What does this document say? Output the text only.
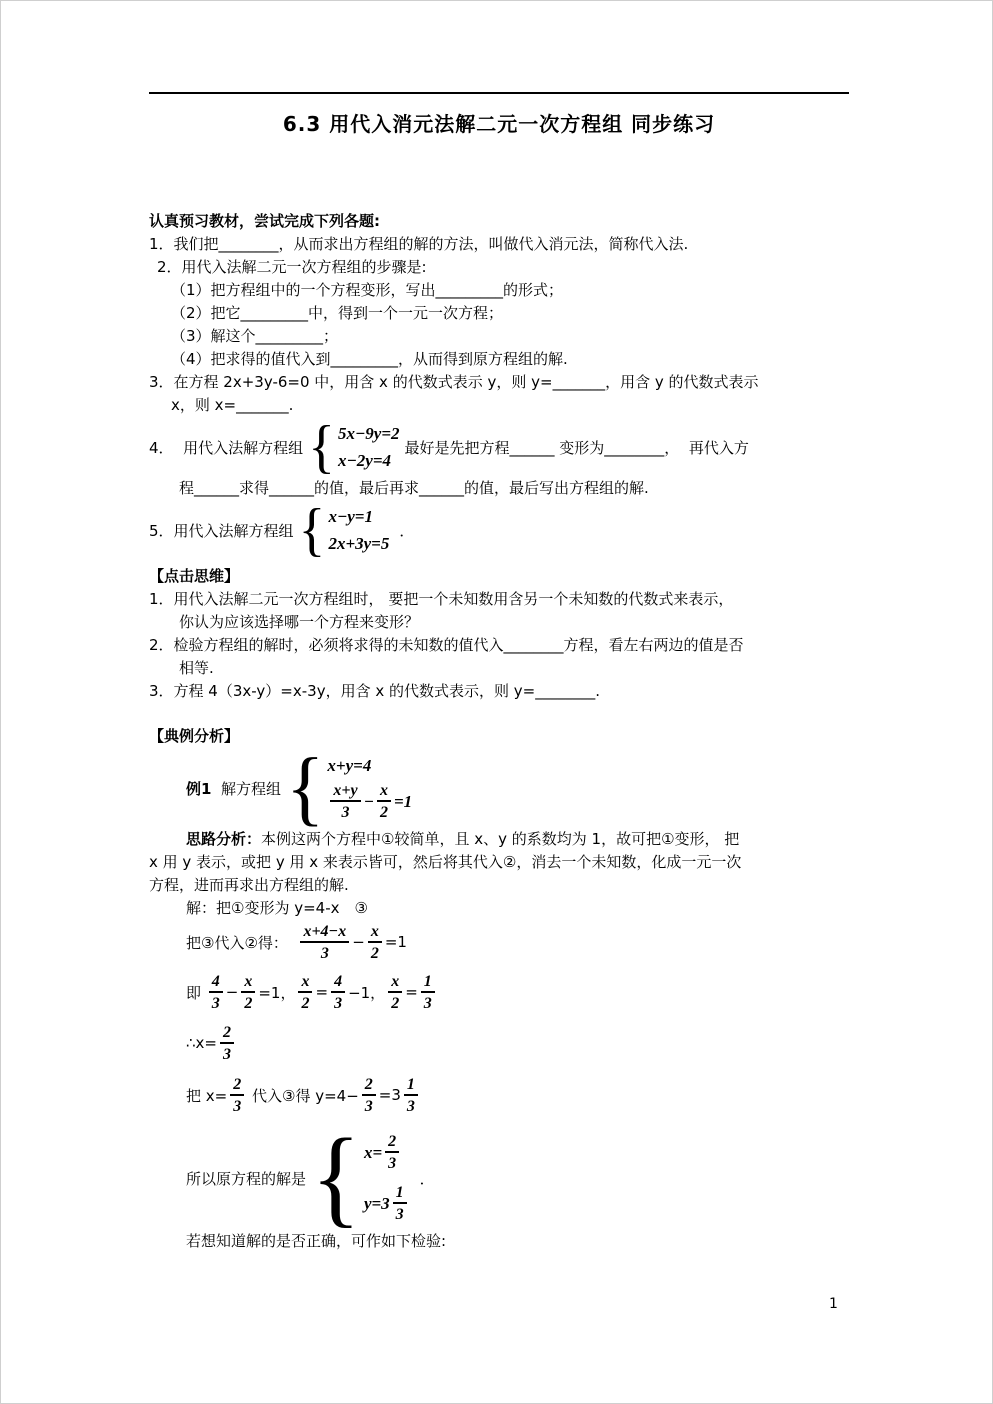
6.3 用代入消元法解二元一次方程组 同步练习
认真预习教材，尝试完成下列各题:
1．我们把________，从而求出方程组的解的方法，叫做代入消元法，简称代入法.
2．用代入法解二元一次方程组的步骤是:
（1）把方程组中的一个方程变形，写出_________的形式；
（2）把它_________中，得到一个一元一次方程；
（3）解这个_________；
（4）把求得的值代入到_________，从而得到原方程组的解.
3．在方程 2x+3y-6=0 中，用含 x 的代数式表示 y，则 y=_______，用含 y 的代数式表示
x，则 x=_______.
4．  用代入法解方程组 { 5x−9y=2
x−2y=4
最好是先把方程______ 变形为________，  再代入方
程______求得______的值，最后再求______的值，最后写出方程组的解.
5．用代入法解方程组 { x−y=1
2x+3y=5
．
【点击思维】
1．用代入法解二元一次方程组时， 要把一个未知数用含另一个未知数的代数式来表示，
你认为应该选择哪一个方程来变形？
2．检验方程组的解时，必须将求得的未知数的值代入________方程，看左右两边的值是否
相等.
3．方程 4（3x-y）=x-3y，用含 x 的代数式表示，则 y=________.
【典例分析】
例1 解方程组 { x+y=4
$\frac{x+y}{3} - \frac{x}{2} =1$
思路分析：本例这两个方程中①较简单，且 x、y 的系数均为 1，故可把①变形， 把
x 用 y 表示，或把 y 用 x 来表示皆可，然后将其代入②，消去一个未知数，化成一元一次
方程，进而再求出方程组的解.
解：把①变形为 y=4-x　③
把③代入②得： $\frac{x+4-x}{3} - \frac{x}{2} =1$
即 $\frac{4}{3} - \frac{x}{2} =1$， $\frac{x}{2} = \frac{4}{3} -1$， $\frac{x}{2} = \frac{1}{3}$
∴x= $\frac{2}{3}$
把 $x= \frac{2}{3}$ 代入③得 $y=4- \frac{2}{3} =3 \frac{1}{3}$
所以原方程的解是 { $x= \frac{2}{3}$
$y=3 \frac{1}{3}$
．
若想知道解的是否正确，可作如下检验:
1
